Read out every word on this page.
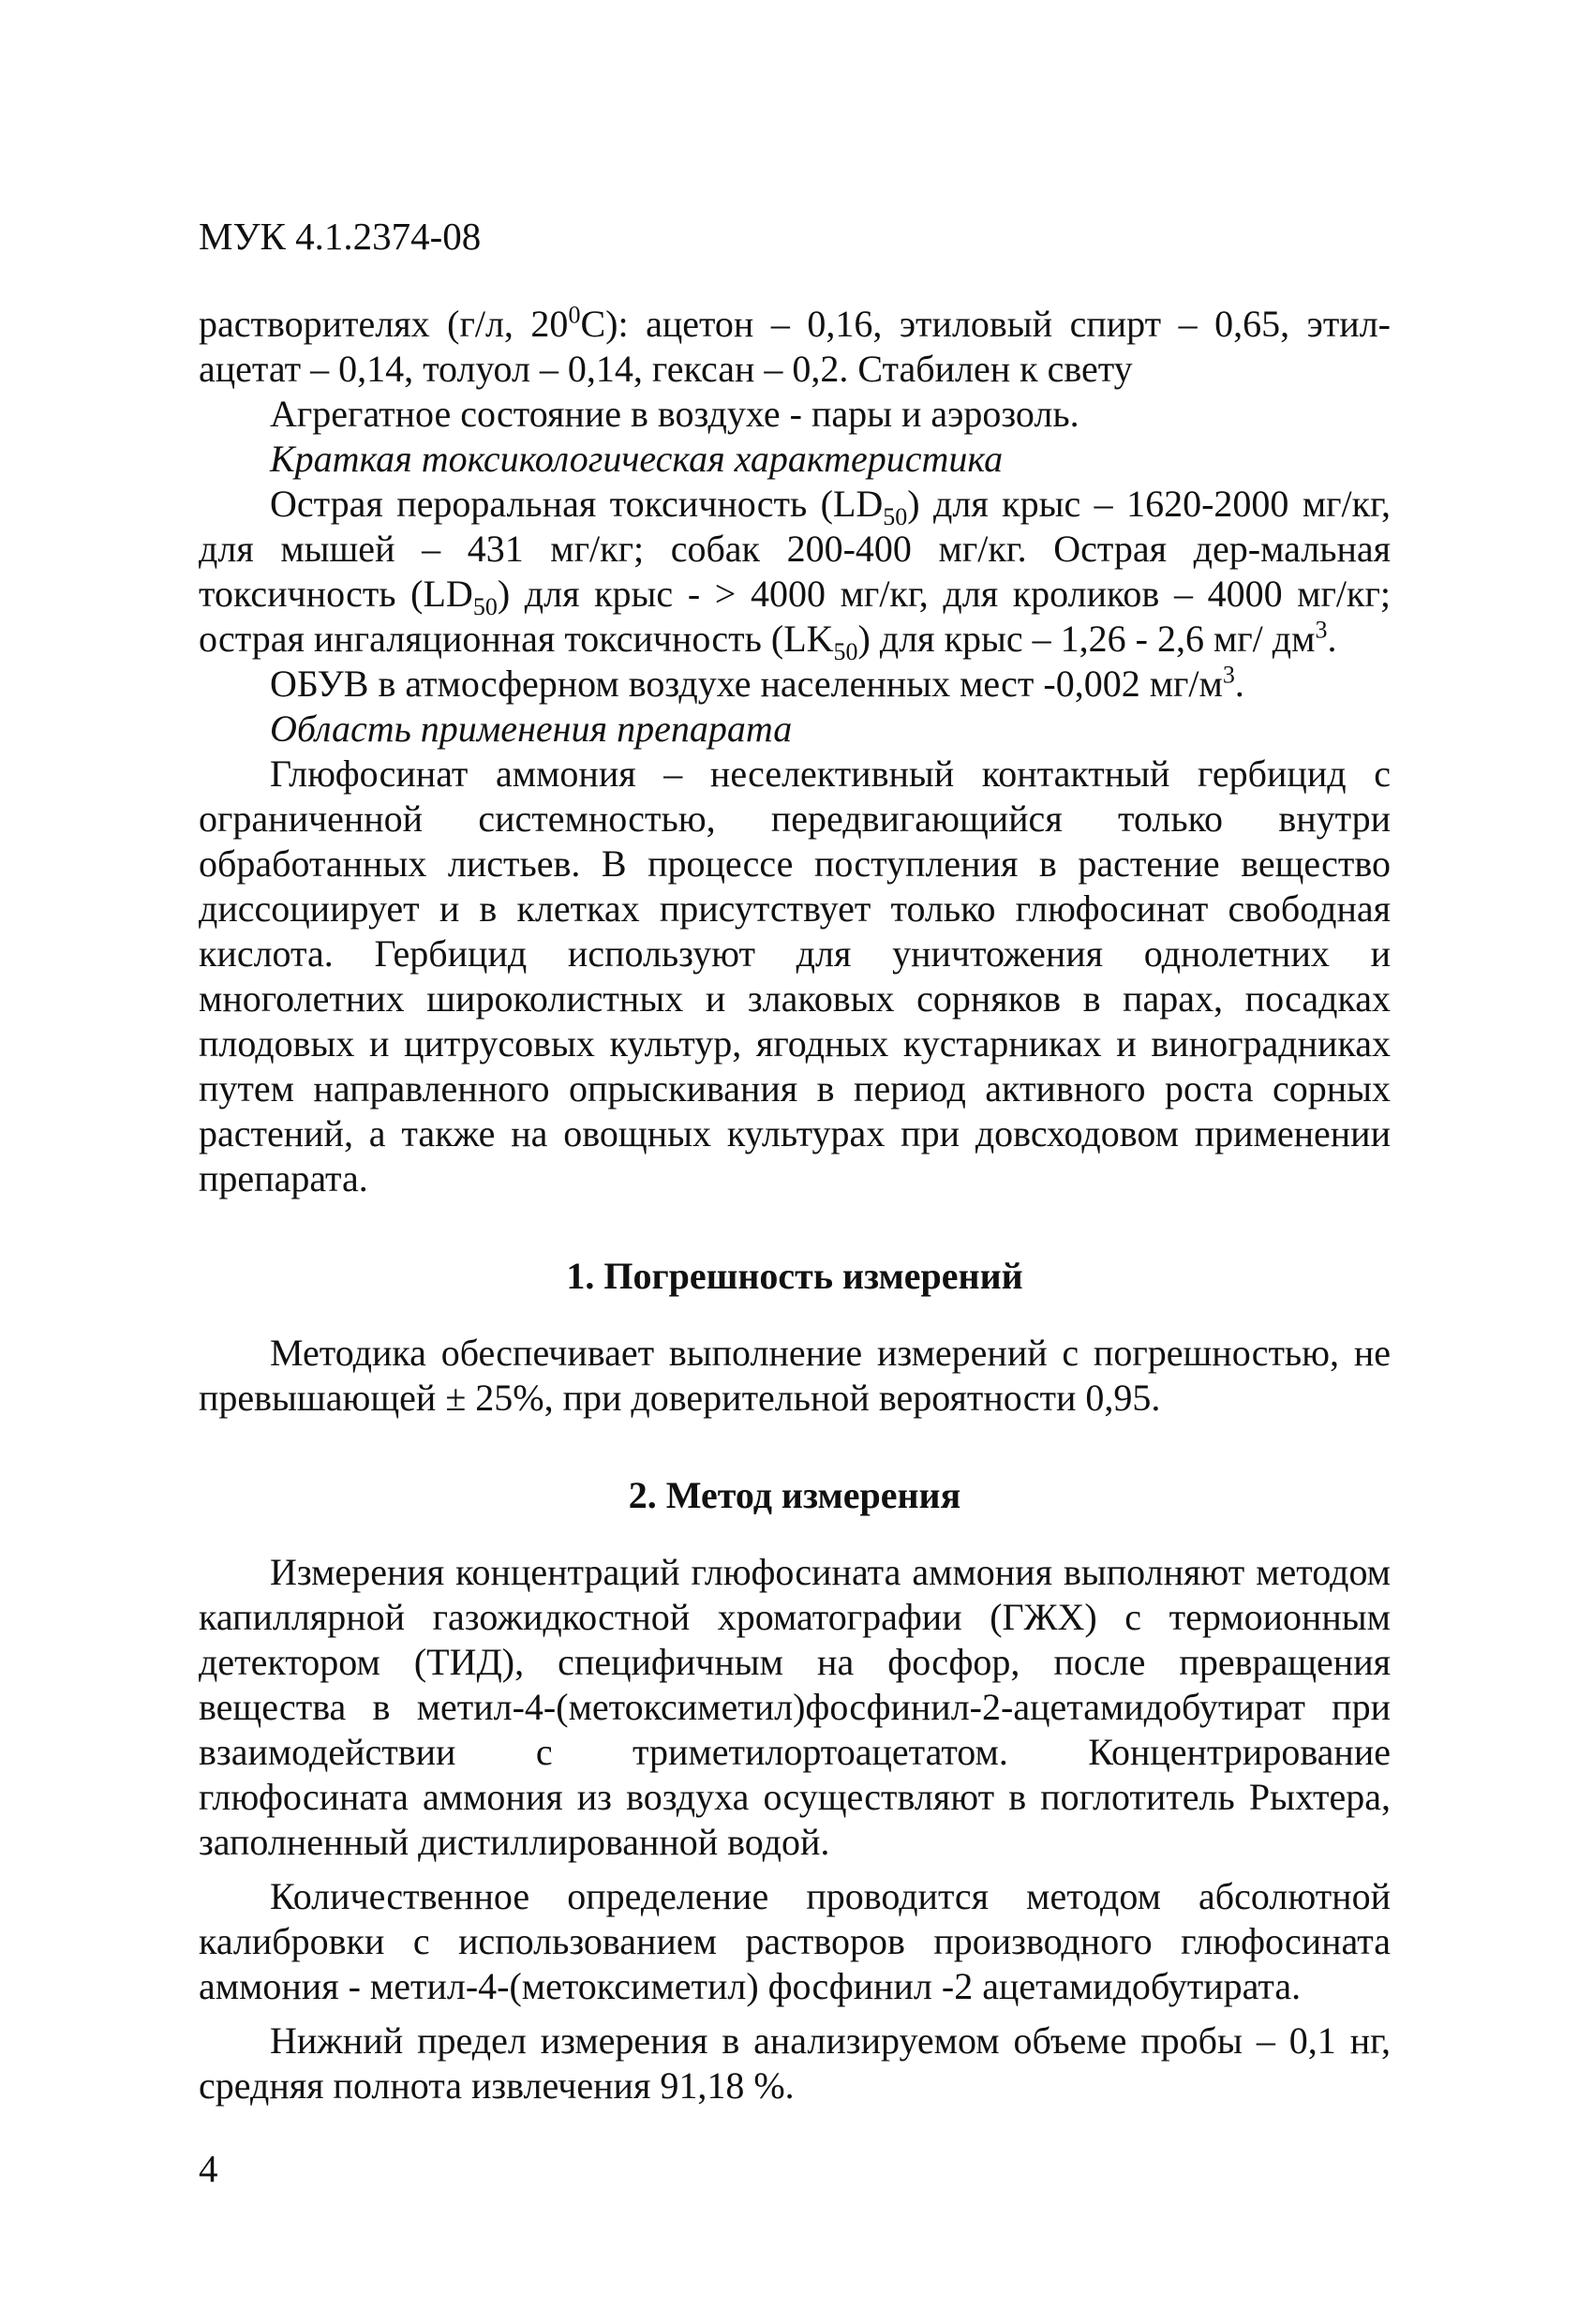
МУК 4.1.2374-08

растворителях (г/л, $20^0С$): ацетон – 0,16, этиловый спирт – 0,65, этил-ацетат – 0,14, толуол – 0,14, гексан – 0,2. Стабилен к свету

Агрегатное состояние в воздухе - пары и аэрозоль.

Краткая токсикологическая характеристика

Острая пероральная токсичность $(LD_{50})$ для крыс – 1620-2000 мг/кг, для мышей – 431 мг/кг; собак 200-400 мг/кг. Острая дер-мальная токсичность $(LD_{50})$ для крыс - > 4000 мг/кг, для кроликов – 4000 мг/кг; острая ингаляционная токсичность $(LK_{50})$ для крыс – 1,26 - 2,6 мг/ $дм^3$.

ОБУВ в атмосферном воздухе населенных мест -0,002 $мг/м^3$.

Область применения препарата

Глюфосинат аммония – неселективный контактный гербицид с ограниченной системностью, передвигающийся только внутри обработанных листьев. В процессе поступления в растение вещество диссоциирует и в клетках присутствует только глюфосинат свободная кислота. Гербицид используют для уничтожения однолетних и многолетних широколистных и злаковых сорняков в парах, посадках плодовых и цитрусовых культур, ягодных кустарниках и виноградниках путем направленного опрыскивания в период активного роста сорных растений, а также на овощных культурах при довсходовом применении препарата.

1. Погрешность измерений

Методика обеспечивает выполнение измерений с погрешностью, не превышающей ± 25%, при доверительной вероятности 0,95.

2. Метод измерения

Измерения концентраций глюфосината аммония выполняют методом капиллярной газожидкостной хроматографии (ГЖХ) с термоионным детектором (ТИД), специфичным на фосфор, после превращения вещества в метил-4-(метоксиметил)фосфинил-2-ацетамидобутират при взаимодействии с триметилортоацетатом. Концентрирование глюфосината аммония из воздуха осуществляют в поглотитель Рыхтера, заполненный дистиллированной водой.

Количественное определение проводится методом абсолютной калибровки с использованием растворов производного глюфосината аммония - метил-4-(метоксиметил) фосфинил -2 ацетамидобутирата.

Нижний предел измерения в анализируемом объеме пробы – 0,1 нг, средняя полнота извлечения 91,18 %.

4
